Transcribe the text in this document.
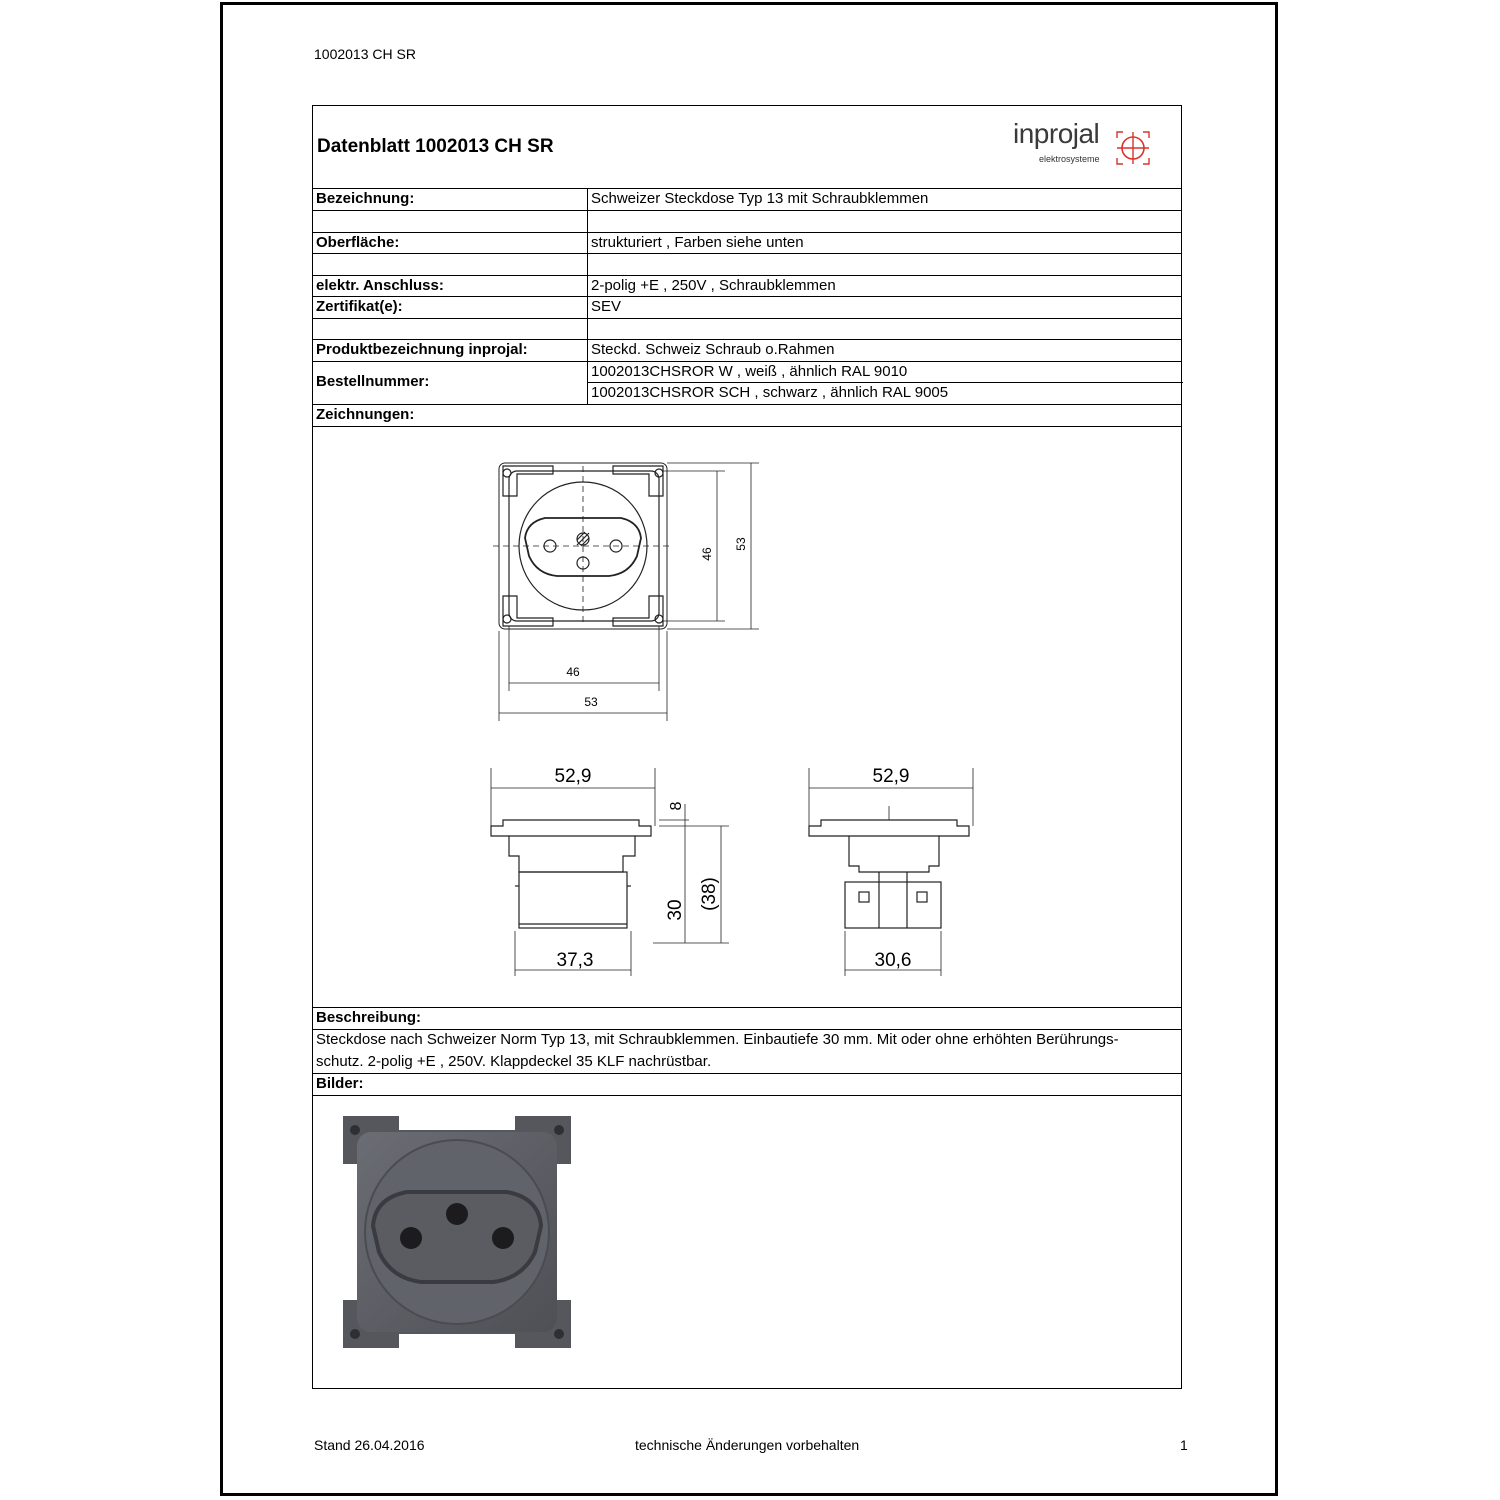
1002013 CH SR
Datenblatt 1002013 CH SR	inprojal
elektrosysteme
Bezeichnung:	Schweizer Steckdose Typ 13 mit Schraubklemmen
Oberfläche:	strukturiert , Farben siehe unten
elektr. Anschluss:	2-polig +E , 250V , Schraubklemmen
Zertifikat(e):	SEV
Produktbezeichnung inprojal:	Steckd. Schweiz Schraub o.Rahmen
Bestellnummer:
1002013CHSROR W , weiß , ähnlich RAL 9010
1002013CHSROR SCH , schwarz , ähnlich RAL 9005
Zeichnungen:
46
53
46
53
52,9
8
30 (38)
37,3
52,9
30,6
Beschreibung:
Steckdose nach Schweizer Norm Typ 13, mit Schraubklemmen. Einbautiefe 30 mm. Mit oder ohne erhöhten Berührungs-
schutz. 2-polig +E , 250V. Klappdeckel 35 KLF nachrüstbar.
Bilder:
Stand 26.04.2016	technische Änderungen vorbehalten	1
